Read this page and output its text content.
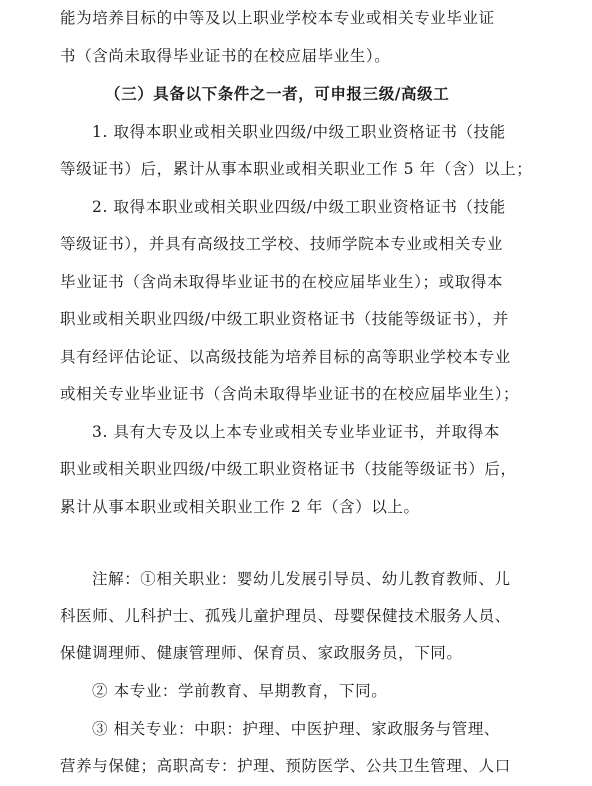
能为培养目标的中等及以上职业学校本专业或相关专业毕业证
书（含尚未取得毕业证书的在校应届毕业生）。
（三）具备以下条件之一者，可申报三级/高级工
1. 取得本职业或相关职业四级/中级工职业资格证书（技能
等级证书）后，累计从事本职业或相关职业工作 5 年（含）以上；
2. 取得本职业或相关职业四级/中级工职业资格证书（技能
等级证书），并具有高级技工学校、技师学院本专业或相关专业
毕业证书（含尚未取得毕业证书的在校应届毕业生）；或取得本
职业或相关职业四级/中级工职业资格证书（技能等级证书），并
具有经评估论证、以高级技能为培养目标的高等职业学校本专业
或相关专业毕业证书（含尚未取得毕业证书的在校应届毕业生）；
3. 具有大专及以上本专业或相关专业毕业证书，并取得本
职业或相关职业四级/中级工职业资格证书（技能等级证书）后，
累计从事本职业或相关职业工作 2 年（含）以上。
注解：①相关职业：婴幼儿发展引导员、幼儿教育教师、儿
科医师、儿科护士、孤残儿童护理员、母婴保健技术服务人员、
保健调理师、健康管理师、保育员、家政服务员，下同。
② 本专业：学前教育、早期教育，下同。
③ 相关专业：中职：护理、中医护理、家政服务与管理、
营养与保健；高职高专：护理、预防医学、公共卫生管理、人口
